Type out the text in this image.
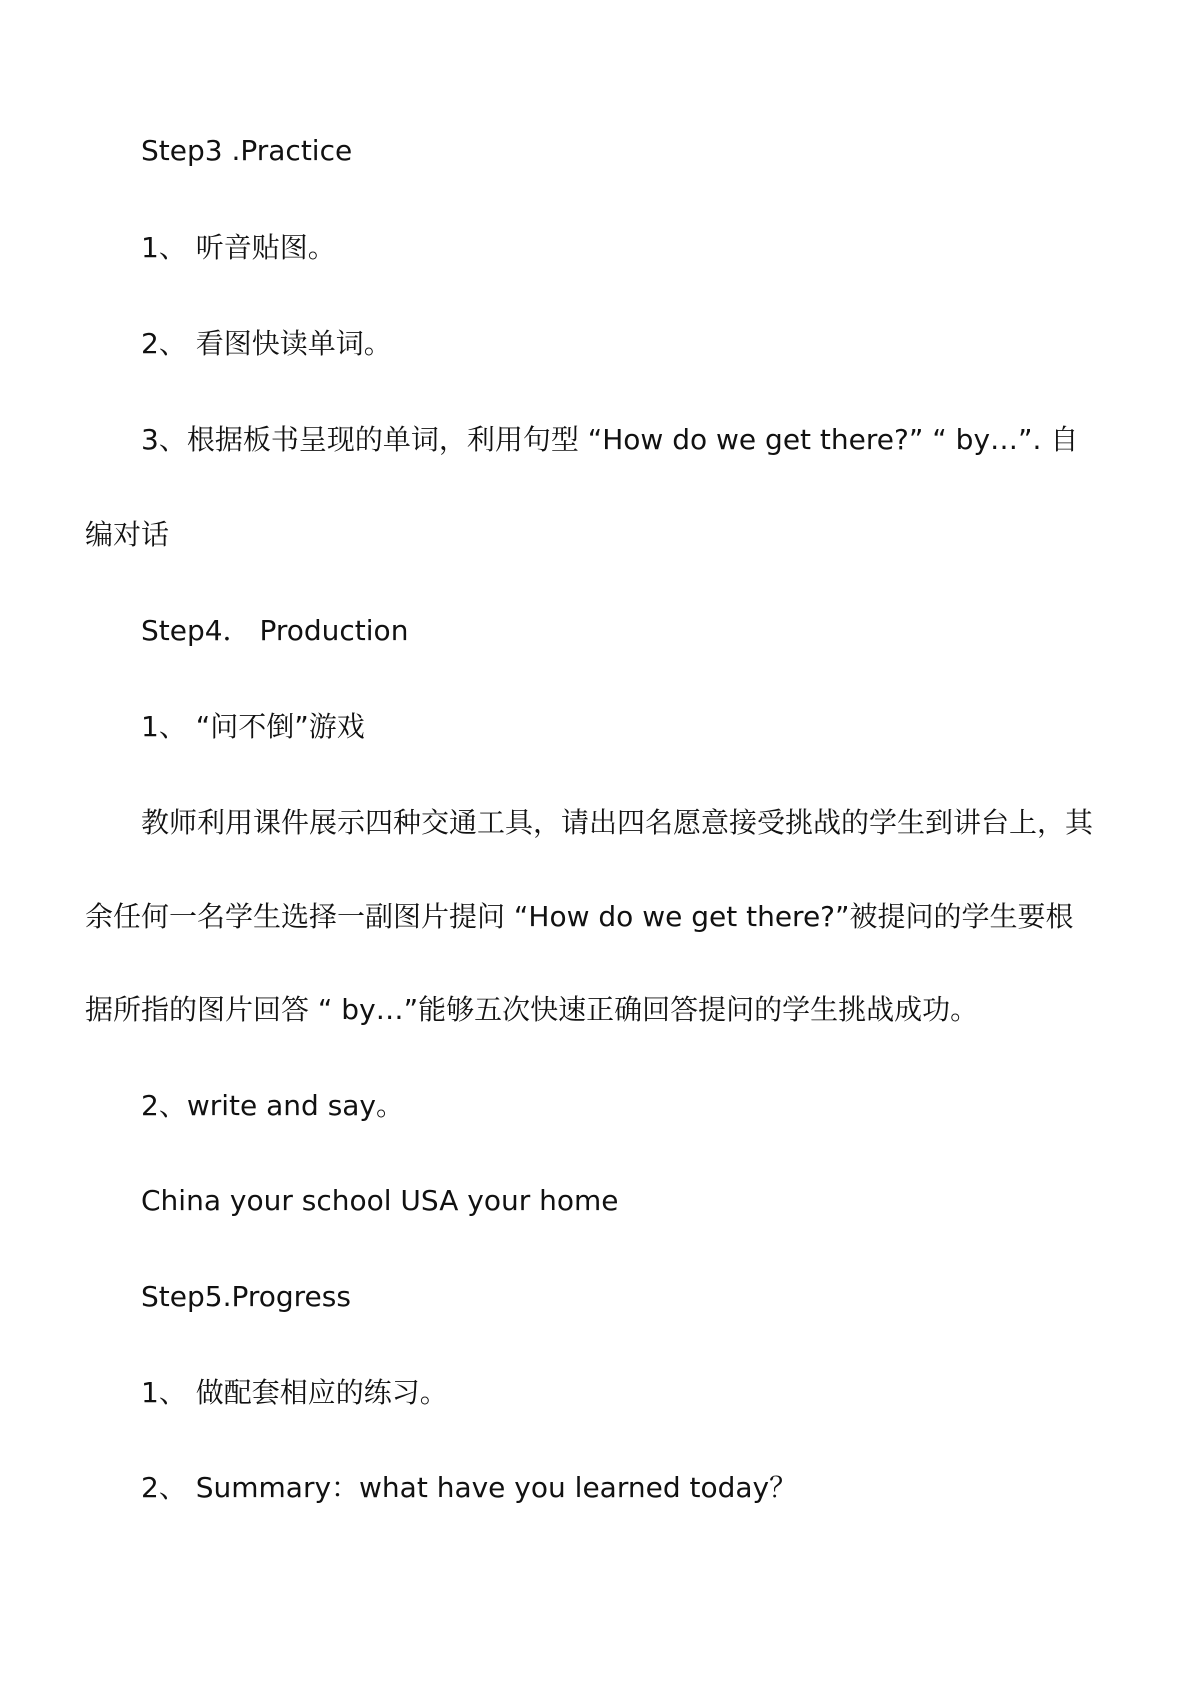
Step3 .Practice
1、 听音贴图。
2、 看图快读单词。
3、根据板书呈现的单词，利用句型 “How do we get there?” “ by…”. 自
编对话
Step4． Production
1、 “问不倒”游戏
教师利用课件展示四种交通工具，请出四名愿意接受挑战的学生到讲台上，其
余任何一名学生选择一副图片提问 “How do we get there?”被提问的学生要根
据所指的图片回答 “ by…”能够五次快速正确回答提问的学生挑战成功。
2、write and say。
China your school USA your home
Step5.Progress
1、 做配套相应的练习。
2、 Summary：what have you learned today？
